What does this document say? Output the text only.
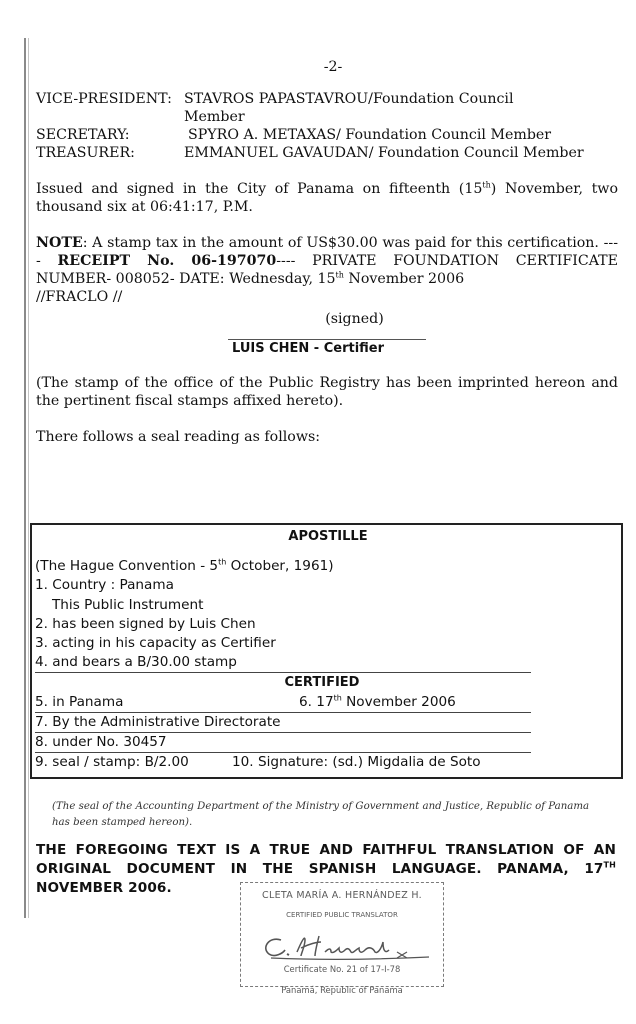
-2-
VICE-PRESIDENT: STAVROS PAPASTAVROU/Foundation Council
Member
SECRETARY:	SPYRO A. METAXAS/ Foundation Council Member
TREASURER:	EMMANUEL GAVAUDAN/ Foundation Council Member

Issued and signed in the City of Panama on fifteenth (15th) November, two thousand six at 06:41:17, P.M.

NOTE: A stamp tax in the amount of US$30.00 was paid for this certification. ---- RECEIPT No. 06-197070---- PRIVATE FOUNDATION CERTIFICATE NUMBER- 008052- DATE: Wednesday, 15th November 2006

//FRACLO //

(signed)

LUIS CHEN - Certifier

(The stamp of the office of the Public Registry has been imprinted hereon and the pertinent fiscal stamps affixed hereto).

There follows a seal reading as follows:

APOSTILLE
(The Hague Convention - 5th October, 1961)
1. Country : Panama
This Public Instrument
2. has been signed by Luis Chen
3. acting in his capacity as Certifier
4. and bears a B/30.00 stamp
CERTIFIED
5. in Panama	6. 17th November 2006
7. By the Administrative Directorate
8. under No. 30457
9. seal / stamp: B/2.00	10. Signature: (sd.) Migdalia de Soto
(The seal of the Accounting Department of the Ministry of Government and Justice, Republic of Panama has been stamped hereon).
THE FOREGOING TEXT IS A TRUE AND FAITHFUL TRANSLATION OF AN ORIGINAL DOCUMENT IN THE SPANISH LANGUAGE. PANAMA, 17TH NOVEMBER 2006.	CLETA MARÍA A. HERNÁNDEZ H.
CERTIFIED PUBLIC TRANSLATOR
Certificate No. 21 of 17-I-78
Panamá, Republic of Panama
